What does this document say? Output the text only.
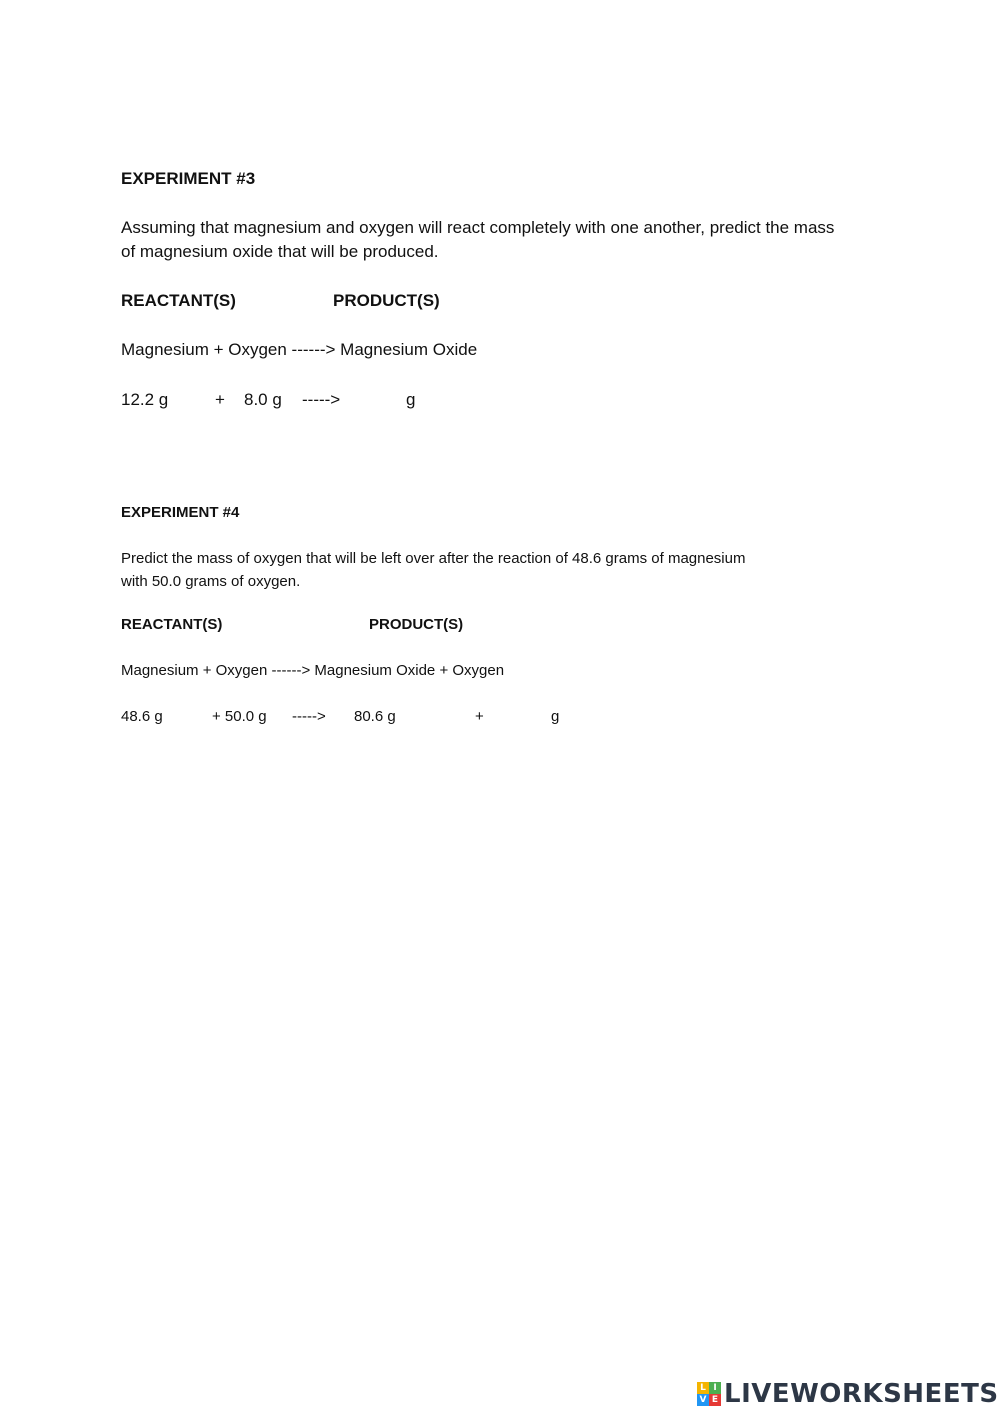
EXPERIMENT #3
Assuming that magnesium and oxygen will react completely with one another, predict the mass of magnesium oxide that will be produced.
REACTANT(S)	PRODUCT(S)
Magnesium + Oxygen ------> Magnesium Oxide
12.2 g	+ 8.0 g ----->	g
EXPERIMENT #4
Predict the mass of oxygen that will be left over after the reaction of 48.6 grams of magnesium with 50.0 grams of oxygen.
REACTANT(S)	PRODUCT(S)
Magnesium + Oxygen ------> Magnesium Oxide + Oxygen
48.6 g	+ 50.0 g -----> 80.6 g	+	g
L I
V E LIVEWORKSHEETS
